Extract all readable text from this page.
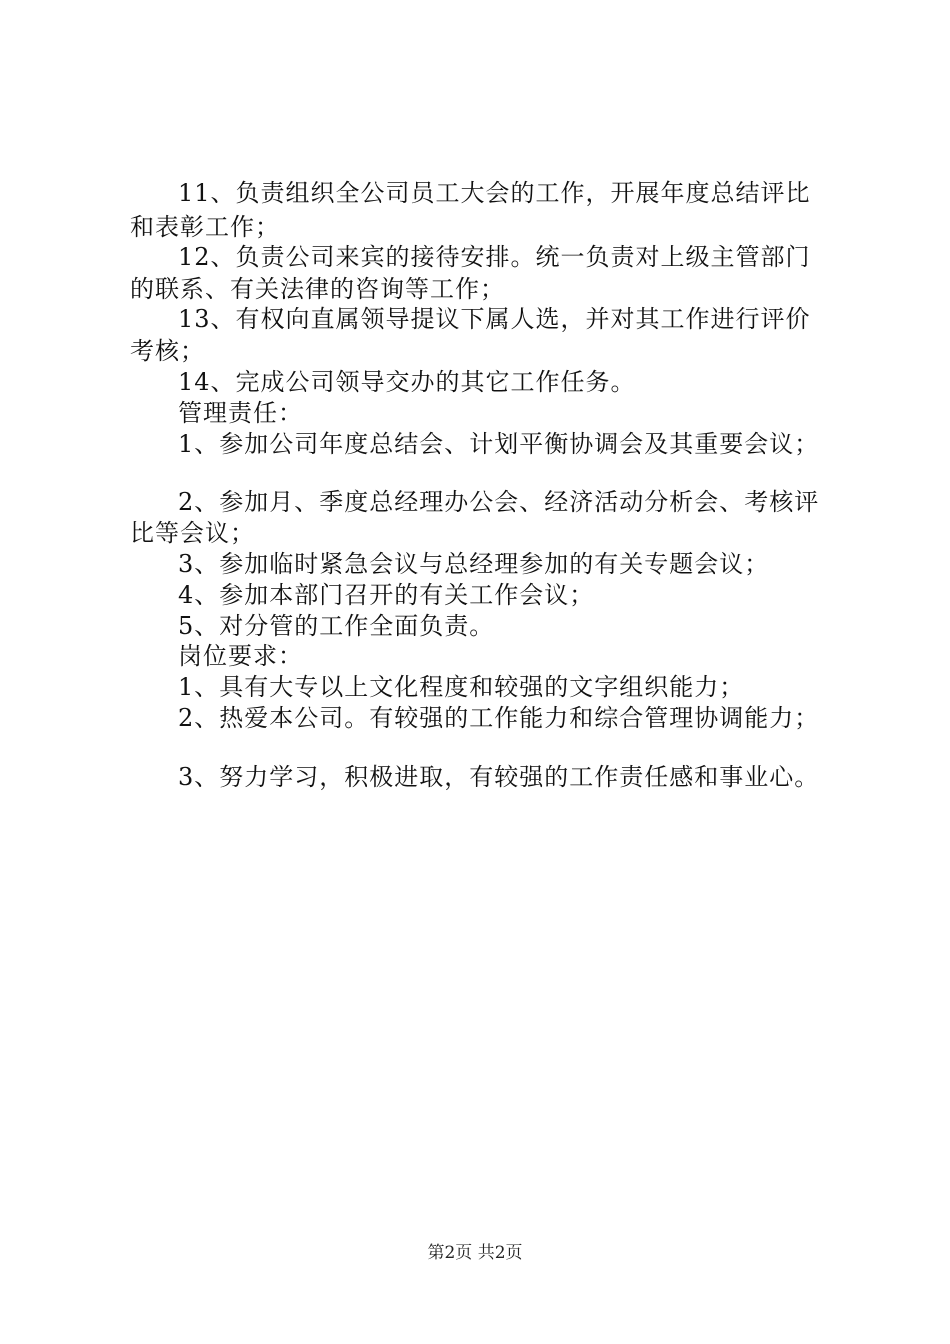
11、负责组织全公司员工大会的工作，开展年度总结评比
和表彰工作；
12、负责公司来宾的接待安排。统一负责对上级主管部门
的联系、有关法律的咨询等工作；
13、有权向直属领导提议下属人选，并对其工作进行评价
考核；
14、完成公司领导交办的其它工作任务。
管理责任：
1、参加公司年度总结会、计划平衡协调会及其重要会议；
2、参加月、季度总经理办公会、经济活动分析会、考核评
比等会议；
3、参加临时紧急会议与总经理参加的有关专题会议；
4、参加本部门召开的有关工作会议；
5、对分管的工作全面负责。
岗位要求：
1、具有大专以上文化程度和较强的文字组织能力；
2、热爱本公司。有较强的工作能力和综合管理协调能力；
3、努力学习，积极进取，有较强的工作责任感和事业心。
第2页 共2页
